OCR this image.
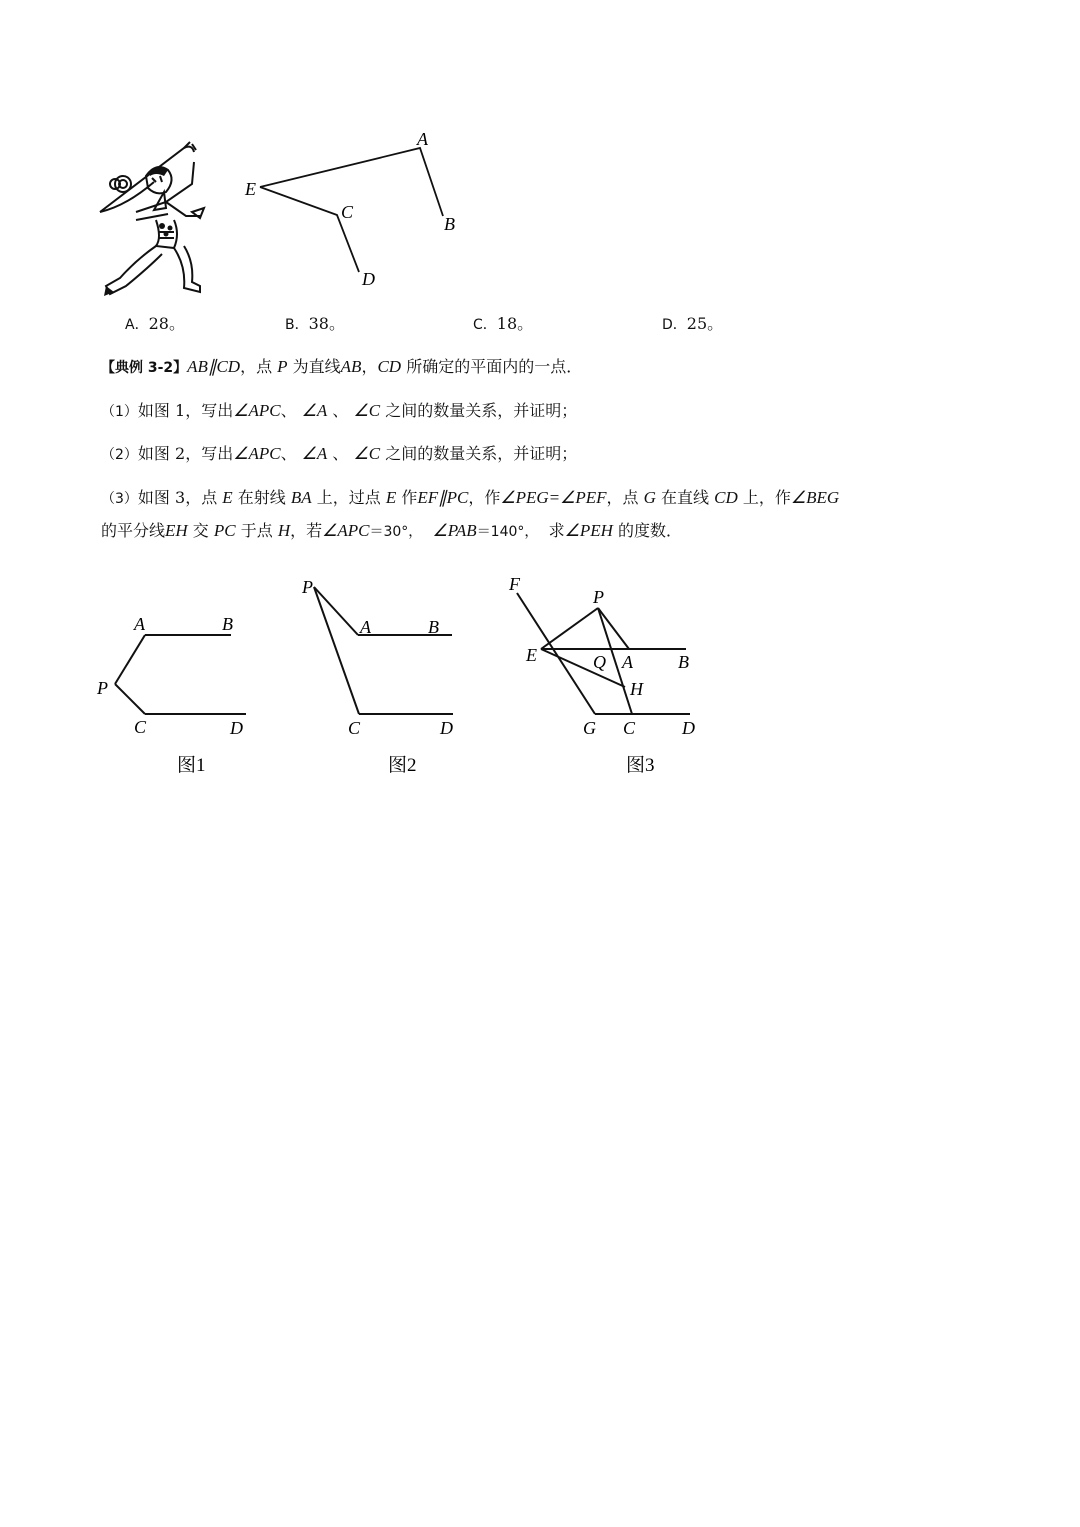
A
E
C
B
D
A．28。	B．38。	C．18。	D．25。
【典例 3-2】AB∥CD，点 P 为直线AB，CD 所确定的平面内的一点．
（1）如图 1，写出∠APC、 ∠A 、 ∠C 之间的数量关系，并证明；
（2）如图 2，写出∠APC、 ∠A 、 ∠C 之间的数量关系，并证明；
（3）如图 3，点 E 在射线 BA 上，过点 E 作EF∥PC，作∠PEG=∠PEF，点 G 在直线 CD 上，作∠BEG
的平分线EH 交 PC 于点 H，若∠APC＝30°， ∠PAB＝140°， 求∠PEH 的度数．
A	B
P
C	D
图1
P
A	B
C	D
图2
F
P
E	Q A	B
H
G C	D
图3
